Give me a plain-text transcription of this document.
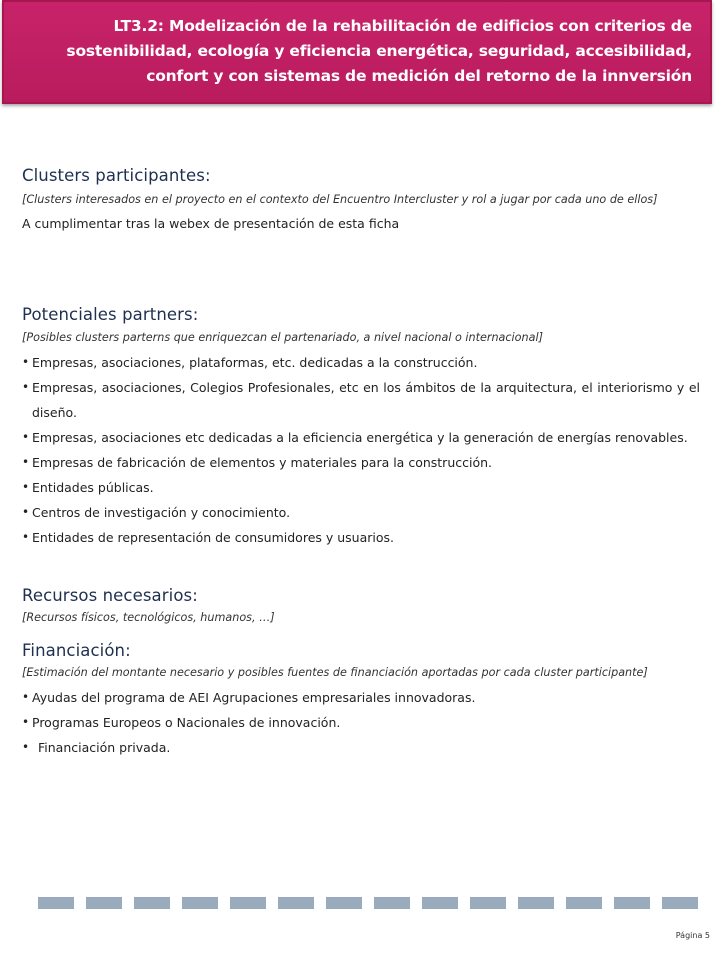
LT3.2: Modelización de la rehabilitación de edificios con criterios de sostenibilidad, ecología y eficiencia energética, seguridad, accesibilidad, confort y con sistemas de medición del retorno de la innversión
Clusters participantes:
[Clusters interesados en el proyecto en el contexto del Encuentro Intercluster y rol a jugar por cada uno de ellos]
A cumplimentar tras la webex de presentación de esta ficha
Potenciales partners:
[Posibles clusters parterns que enriquezcan el partenariado, a nivel nacional o internacional]
• Empresas, asociaciones, plataformas, etc. dedicadas a la construcción.
• Empresas, asociaciones, Colegios Profesionales, etc en los ámbitos de la arquitectura, el interiorismo y el diseño.
• Empresas, asociaciones etc dedicadas a la eficiencia energética y la generación de energías renovables.
• Empresas de fabricación de elementos y materiales para la construcción.
• Entidades públicas.
• Centros de investigación y conocimiento.
• Entidades de representación de consumidores y usuarios.
Recursos necesarios:
[Recursos físicos, tecnológicos, humanos, …]
Financiación:
[Estimación del montante necesario y posibles fuentes de financiación aportadas por cada cluster participante]
• Ayudas del programa de AEI Agrupaciones empresariales innovadoras.
• Programas Europeos o Nacionales de innovación.
• Financiación privada.
Página 5
